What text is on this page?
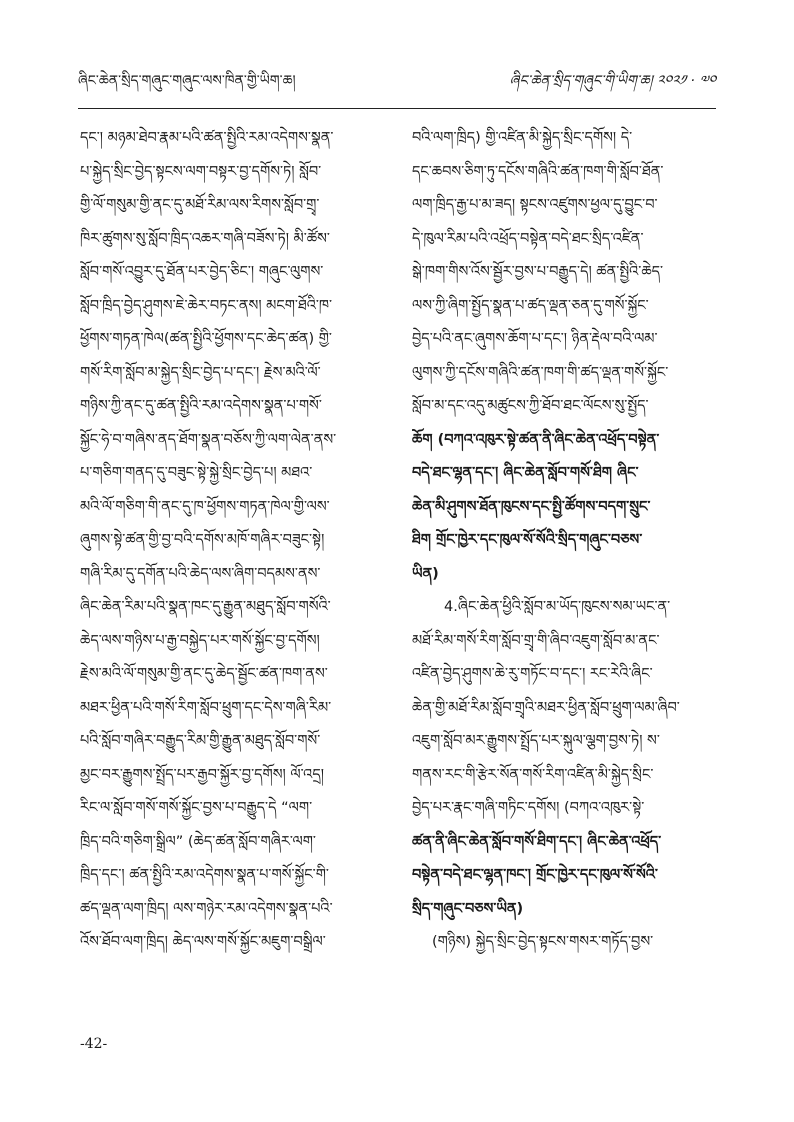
ཞིང་ཆེན་སྲིད་གཞུང་གཞུང་ལས་ཁིན་གྱི་ཡིག་ཆ།	ཞིང་ཆེན་སྲིད་གཞུང་གི་ཡིག་ཆ། ༢༠༢༡ · ༧༠
དང་། མཉམ་ཐེབ་རྣམ་པའི་ཚན་སྤྱིའི་རམ་འདེགས་སྣན་
པ་སྐྱེད་སྲིང་བྱེད་སྟངས་ལག་བསྟར་བྱ་དགོས་ཏེ། སློབ་
གྱི་ལོ་གསུམ་གྱི་ནང་དུ་མཐོ་རིམ་ལས་རིགས་སློབ་གྲྭ་
ཁིར་ཚུགས་སུ་སློབ་ཁྲིད་འཆར་གཞི་བཟོས་ཏེ། མི་ཚོས་
སློབ་གསོ་འབྱུར་དུ་ཐོན་པར་བྱེད་ཅིང་། གཞུང་ལུགས་
སློབ་ཁྲིད་བྱེད་ཤུགས་ཇེ་ཆེར་བཏང་ནས། མངག་ཐོའི་ཁ་
ཕྱོགས་གཏན་ཁེལ(ཚན་སྤྱིའི་ཕྱོགས་དང་ཆེད་ཚན) གྱི་
གསོ་རིག་སློབ་མ་སྐྱེད་སྲིང་བྱེད་པ་དང་། རྗེས་མའི་ལོ་
གཉིས་ཀྱི་ནང་དུ་ཚན་སྤྱིའི་རམ་འདེགས་སྣན་པ་གསོ་
སྐྱོང་ཧེ་བ་གཞིས་ནད་ཐོག་སྣན་བཅོས་ཀྱི་ལག་ལེན་ནས་
པ་གཅིག་གནད་དུ་བཟུང་སྟེ་སྐྱེ་སྲིང་བྱེད་པ། མཐའ་
མའི་ལོ་གཅིག་གི་ནང་དུ་ཁ་ཕྱོགས་གཏན་ཁེལ་གྱི་ལས་
ཞུགས་སྟེ་ཚན་གྱི་བྱ་བའི་དགོས་མཁོ་གཞིར་བཟུང་སྟེ།
གཞི་རིམ་དུ་དགོན་པའི་ཆེད་ལས་ཞིག་བདམས་ནས་
ཞིང་ཆེན་རིམ་པའི་སྣན་ཁང་དུ་རྒྱུན་མཐུད་སློབ་གསོའི་
ཆེད་ལས་གཉིས་པ་རྒྱ་བསྐྱེད་པར་གསོ་སྐྱོང་བྱ་དགོས།
རྗེས་མའི་ལོ་གསུམ་གྱི་ནང་དུ་ཆེད་སྦྱོང་ཚན་ཁག་ནས་
མཐར་ཕྱིན་པའི་གསོ་རིག་སློབ་ཕྲུག་དང་དེས་གཞི་རིམ་
པའི་སློབ་གཞིར་བརྒྱུད་རིམ་གྱི་རྒྱུན་མཐུད་སློབ་གསོ་
མྱང་བར་རྒྱུགས་སྤྲོད་པར་རྒྱབ་སྐྱོར་བྱ་དགོས། ལོ་འདྲ།
རིང་ལ་སློབ་གསོ་གསོ་སྐྱོང་བྱས་པ་བརྒྱུད་དེ “ལག་
ཁྲིད་བའི་གཅིག་སྒྲིལ” (ཆེད་ཚན་སློབ་གཞིར་ལག་
ཁྲིད་དང་། ཚན་སྤྱིའི་རམ་འདེགས་སྣན་པ་གསོ་སྐྱོང་གི་
ཚད་ལྡན་ལག་ཁྲིད། ལས་གཉེར་རམ་འདེགས་སྣན་པའི་
འོས་ཐོབ་ལག་ཁྲིད། ཆེད་ལས་གསོ་སྐྱོང་མཇུག་བསྒྲིལ་
བའི་ལག་ཁྲིད) གྱི་འཛིན་མི་སྐྱེད་སྲིང་དགོས། དེ་
དང་ཆབས་ཅིག་ཏུ་དངོས་གཞིའི་ཚན་ཁག་གི་སློབ་ཐོན་
ལག་ཁྲིད་རྒྱ་པ་མ་ཟད། སྟངས་འཛུགས་ཕྱལ་དུ་བྱུང་བ་
དེ་ཁུལ་རིམ་པའི་འཕྲོད་བསྟེན་བདེ་ཐང་སྲིད་འཛིན་
སྒེ་ཁག་གིས་འོས་སྦྱོར་བྱས་པ་བརྒྱུད་དེ། ཚན་སྤྱིའི་ཆེད་
ལས་ཀྱི་ཞིག་སྤྱོད་སྣན་པ་ཚད་ལྡན་ཅན་དུ་གསོ་སྐྱོང་
བྱེད་པའི་ནང་ཞུགས་ཆོག་པ་དང་། ཉིན་རྡེལ་བའི་ལམ་
ལུགས་ཀྱི་དངོས་གཞིའི་ཚན་ཁག་གི་ཚད་ལྡན་གསོ་སྐྱོང་
སློབ་མ་དང་འདུ་མཚུངས་ཀྱི་ཐོབ་ཐང་ལོངས་སུ་སྤྱོད་
ཆོག (བཀའ་འཁུར་སྟེ་ཚན་ནི་ཞིང་ཆེན་འཕྲོད་བསྟེན་
བདེ་ཐང་ལྷན་དང་། ཞིང་ཆེན་སློབ་གསོ་ཐིག ཞིང་
ཆེན་མི་ཤུགས་ཐོན་ཁུངས་དང་སྤྱི་ཚོགས་བདག་སྲུང་
ཐིག གྲོང་ཁྱེར་དང་ཁུལ་སོ་སོའི་སྲིད་གཞུང་བཅས་
ཡིན)
4.ཞིང་ཆེན་ཕྱིའི་སློབ་མ་ཡོད་ཁུངས་སམ་ཡང་ན་
མཐོ་རིམ་གསོ་རིག་སློབ་གྲྭ་གི་ཞིབ་འཇུག་སློབ་མ་ནང་
འཛིན་བྱེད་ཤུགས་ཆེ་རུ་གཏོང་བ་དང་། རང་རེའི་ཞིང་
ཆེན་གྱི་མཐོ་རིམ་སློབ་གྲྭའི་མཐར་ཕྱིན་སློབ་ཕྲུག་ལམ་ཞིབ་
འཇུག་སློབ་མར་རྒྱུགས་སྤྲོད་པར་སྐུལ་ལྕག་བྱས་ཏེ། ས་
གནས་རང་གི་རྩེར་སོན་གསོ་རིག་འཛིན་མི་སྐྱེད་སྲིང་
བྱེད་པར་རྣང་གཞི་གཏིང་དགོས། (བཀའ་འཁུར་སྟེ་
ཚན་ནི་ཞིང་ཆེན་སློབ་གསོ་ཐིག་དང་། ཞིང་ཆེན་འཕྲོད་
བསྟེན་བདེ་ཐང་ལྷན་ཁང་། གྲོང་ཁྱེར་དང་ཁུལ་སོ་སོའི་
སྲིད་གཞུང་བཅས་ཡིན)
(གཉིས) སྐྱེད་སྲིང་བྱེད་སྟངས་གསར་གཏོད་བྱས་
-42-
